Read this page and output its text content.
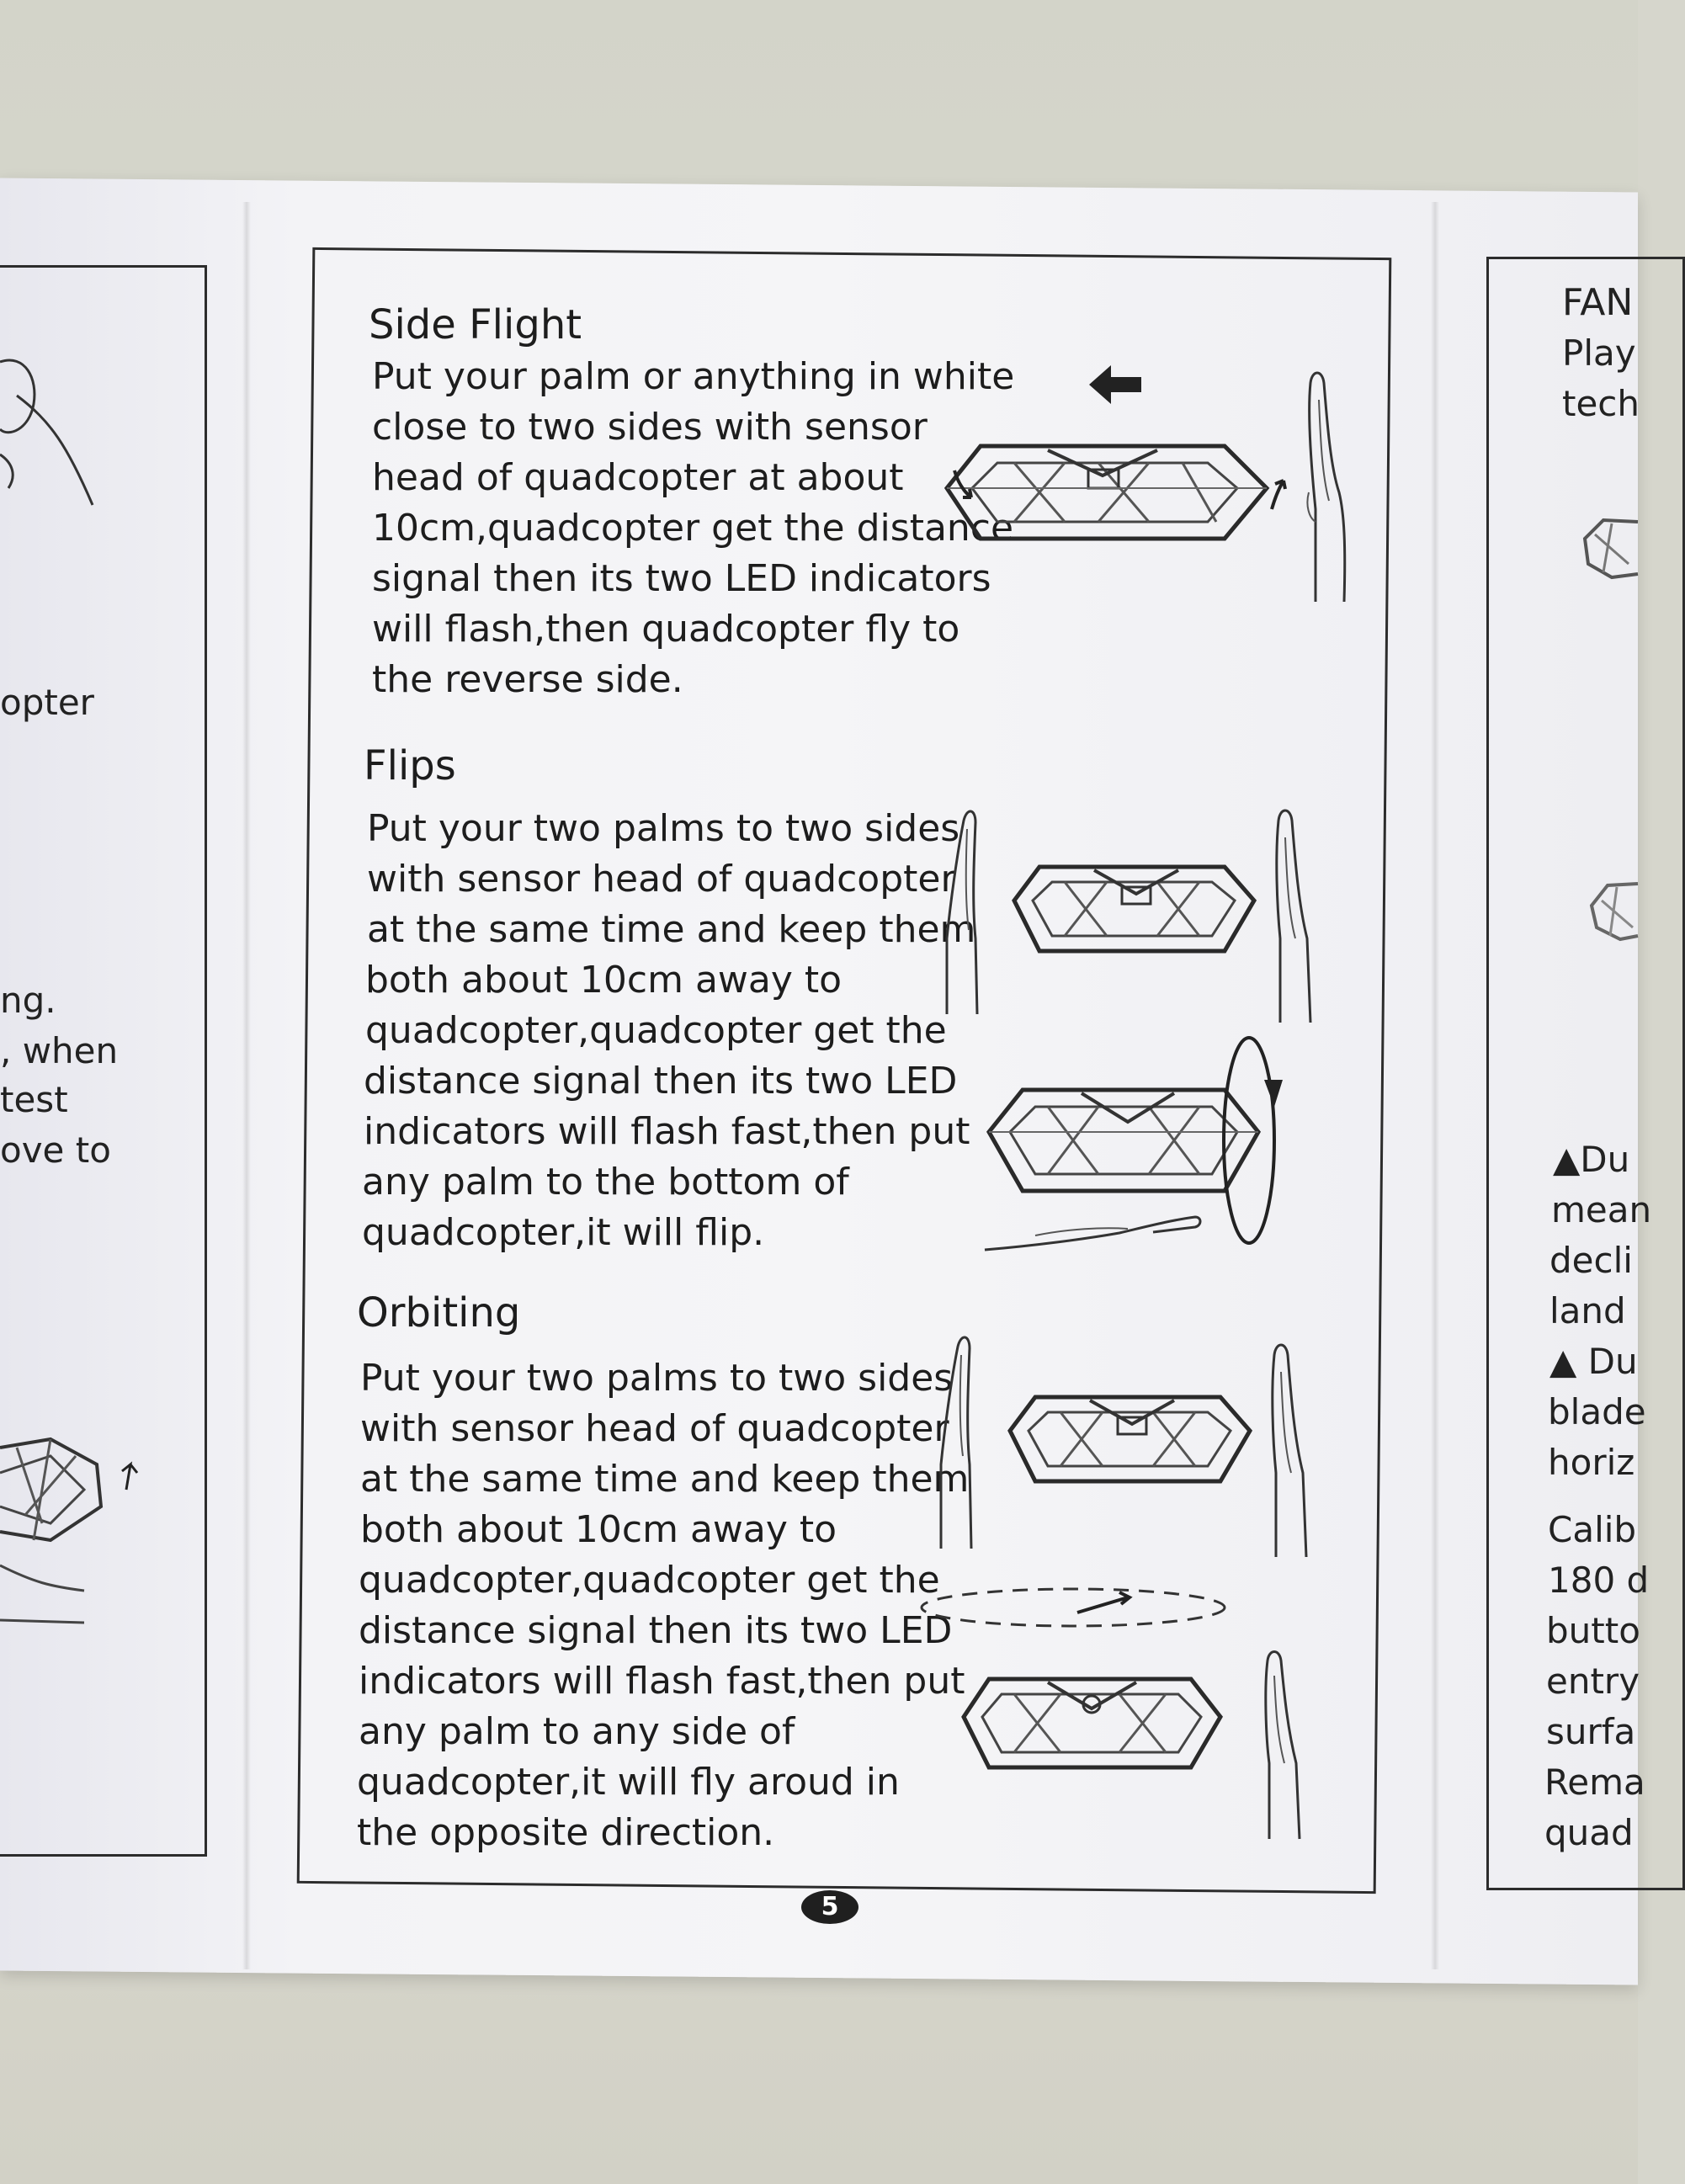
opter
ng.
, when
test
ove to
Side Flight
Put your palm or anything in white
close to two sides with sensor
head of quadcopter at about
10cm,quadcopter get the distance
signal then its two LED indicators
will flash,then quadcopter fly to
the reverse side.
Flips
Put your two palms to two sides
with sensor head of quadcopter
at the same time and keep them
both about 10cm away to
quadcopter,quadcopter get the
distance signal then its two LED
indicators will flash fast,then put
any palm to the bottom of
quadcopter,it will flip.
Orbiting
Put your two palms to two sides
with sensor head of quadcopter
at the same time and keep them
both about 10cm away to
quadcopter,quadcopter get the
distance signal then its two LED
indicators will flash fast,then put
any palm to any side of
quadcopter,it will fly aroud in
the opposite direction.
5
FAN
Play
tech
▲Du
mean
decli
land
▲ Du
blade
horiz
Calib
180 d
butto
entry
surfa
Rema
quad
